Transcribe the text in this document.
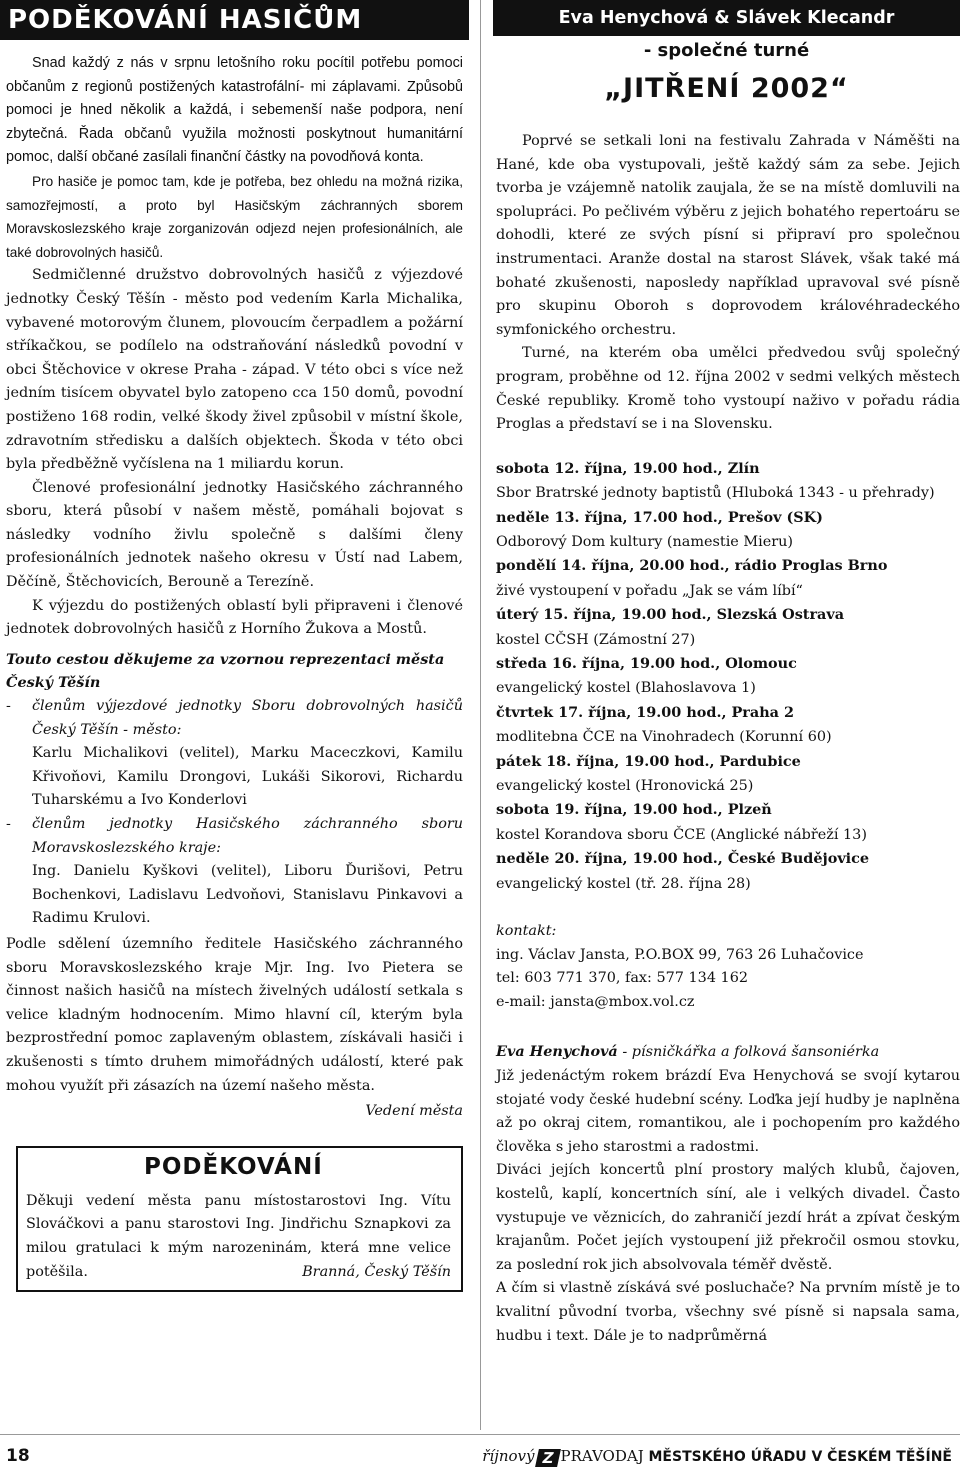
PODĚKOVÁNÍ HASIČŮM

Snad každý z nás v srpnu letošního roku pocítil potřebu pomoci občanům z regionů postižených katastrofální- mi záplavami. Způsobů pomoci je hned několik a každá, i sebemenší naše podpora, není zbytečná. Řada občanů využila možnosti poskytnout humanitární pomoc, další občané zasílali finanční částky na povodňová konta.

Pro hasiče je pomoc tam, kde je potřeba, bez ohledu na možná rizika, samozřejmostí, a proto byl Hasičským záchranných sborem Moravskoslezského kraje zorganizován odjezd nejen profesionálních, ale také dobrovolných hasičů.

Sedmičlenné družstvo dobrovolných hasičů z výjezdové jednotky Český Těšín - město pod vedením Karla Michalika, vybavené motorovým člunem, plovoucím čerpadlem a požární stříkačkou, se podílelo na odstraňování následků povodní v obci Štěchovice v okrese Praha - západ. V této obci s více než jedním tisícem obyvatel bylo zatopeno cca 150 domů, povodní postiženo 168 rodin, velké škody živel způsobil v místní škole, zdravotním středisku a dalších objektech. Škoda v této obci byla předběžně vyčíslena na 1 miliardu korun.

Členové profesionální jednotky Hasičského záchranného sboru, která působí v našem městě, pomáhali bojovat s následky vodního živlu společně s dalšími členy profesionálních jednotek našeho okresu v Ústí nad Labem, Děčíně, Štěchovicích, Berouně a Terezíně.

K výjezdu do postižených oblastí byli připraveni i členové jednotek dobrovolných hasičů z Horního Žukova a Mostů.

Touto cestou děkujeme za vzornou reprezentaci města Český Těšín

-	členům výjezdové jednotky Sboru dobrovolných hasičů Český Těšín - město:

Karlu Michalikovi (velitel), Marku Maceczkovi, Kamilu Křivoňovi, Kamilu Drongovi, Lukáši Sikorovi, Richardu Tuharskému a Ivo Konderlovi

-	členům jednotky Hasičského záchranného sboru Moravskoslezského kraje:

Ing. Danielu Kyškovi (velitel), Liboru Ďurišovi, Petru Bochenkovi, Ladislavu Ledvoňovi, Stanislavu Pinkavovi a Radimu Krulovi.

Podle sdělení územního ředitele Hasičského záchranného sboru Moravskoslezského kraje Mjr. Ing. Ivo Pietera se činnost našich hasičů na místech živelných událostí setkala s velice kladným hodnocením. Mimo hlavní cíl, kterým byla bezprostřední pomoc zaplaveným oblastem, získávali hasiči i zkušenosti s tímto druhem mimořádných událostí, které pak mohou využít při zásazích na území našeho města.

Vedení města

PODĚKOVÁNÍ

Děkuji vedení města panu místostarostovi Ing. Vítu Slováčkovi a panu starostovi Ing. Jindřichu Sznapkovi za milou gratulaci k mým narozeninám, která mne velice potěšila.	Branná, Český Těšín

Eva Henychová & Slávek Klecandr
- společné turné
„JITŘENÍ 2002“

Poprvé se setkali loni na festivalu Zahrada v Náměšti na Hané, kde oba vystupovali, ještě každý sám za sebe. Jejich tvorba je vzájemně natolik zaujala, že se na místě domluvili na spolupráci. Po pečlivém výběru z jejich bohatého repertoáru se dohodli, které ze svých písní si připraví pro společnou instrumentaci. Aranže dostal na starost Slávek, však také má bohaté zkušenosti, naposledy například upravoval své písně pro skupinu Oboroh s doprovodem královéhradeckého symfonického orchestru.

Turné, na kterém oba umělci předvedou svůj společný program, proběhne od 12. října 2002 v sedmi velkých městech České republiky. Kromě toho vystoupí naživo v pořadu rádia Proglas a představí se i na Slovensku.

sobota 12. října, 19.00 hod., Zlín
Sbor Bratrské jednoty baptistů (Hluboká 1343 - u přehrady)
neděle 13. října, 17.00 hod., Prešov (SK)
Odborový Dom kultury (namestie Mieru)
pondělí 14. října, 20.00 hod., rádio Proglas Brno
živé vystoupení v pořadu „Jak se vám líbí“
úterý 15. října, 19.00 hod., Slezská Ostrava
kostel CČSH (Zámostní 27)
středa 16. října, 19.00 hod., Olomouc
evangelický kostel (Blahoslavova 1)
čtvrtek 17. října, 19.00 hod., Praha 2
modlitebna ČCE na Vinohradech (Korunní 60)
pátek 18. října, 19.00 hod., Pardubice
evangelický kostel (Hronovická 25)
sobota 19. října, 19.00 hod., Plzeň
kostel Korandova sboru ČCE (Anglické nábřeží 13)
neděle 20. října, 19.00 hod., České Budějovice
evangelický kostel (tř. 28. října 28)
kontakt:
ing. Václav Jansta, P.O.BOX 99, 763 26 Luhačovice
tel: 603 771 370, fax: 577 134 162
e-mail: jansta@mbox.vol.cz

Eva Henychová - písničkářka a folková šansoniérka

Již jedenáctým rokem brázdí Eva Henychová se svojí kytarou stojaté vody české hudební scény. Loďka její hudby je naplněna až po okraj citem, romantikou, ale i pochopením pro každého člověka s jeho starostmi a radostmi.

Diváci jejích koncertů plní prostory malých klubů, čajoven, kostelů, kaplí, koncertních síní, ale i velkých divadel. Často vystupuje ve věznicích, do zahraničí jezdí hrát a zpívat českým krajanům. Počet jejích vystoupení již překročil osmou stovku, za poslední rok jich absolvovala téměř dvěstě.

A čím si vlastně získává své posluchače? Na prvním místě je to kvalitní původní tvorba, všechny své písně si napsala sama, hudbu i text. Dále je to nadprůměrná

18	říjnový Z PRAVODAJ MĚSTSKÉHO ÚŘADU V ČESKÉM TĚŠÍNĚ
